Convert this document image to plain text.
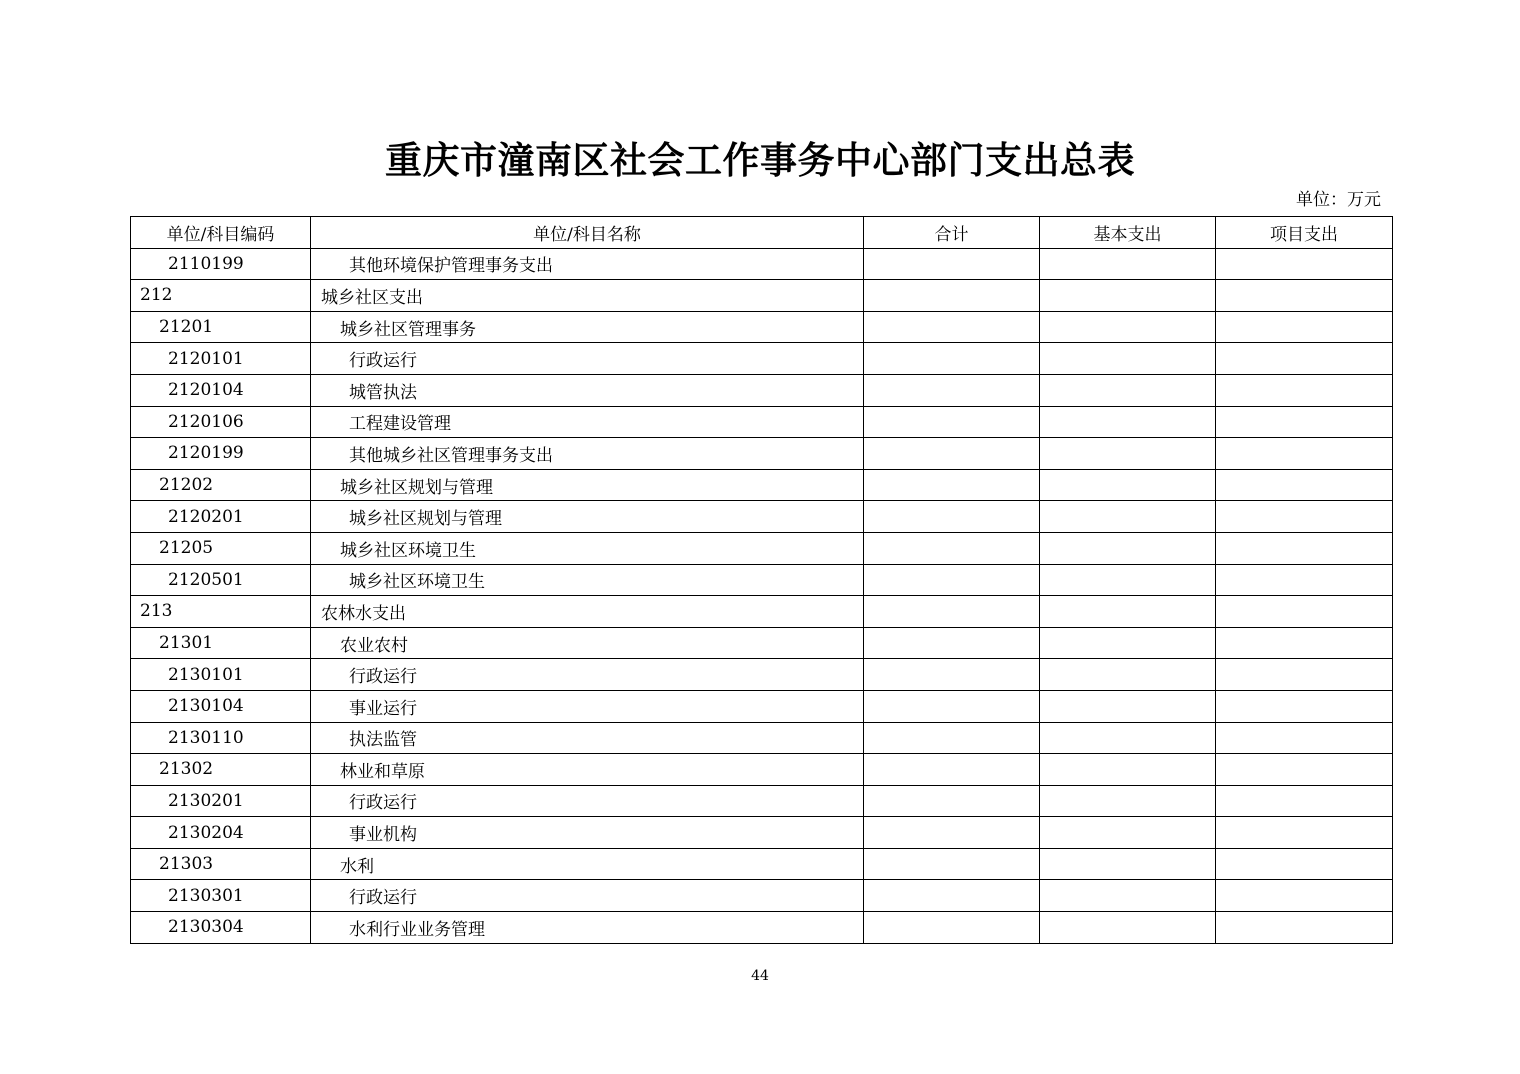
重庆市潼南区社会工作事务中心部门支出总表
单位：万元
单位/科目编码	单位/科目名称	合计	基本支出	项目支出
2110199	其他环境保护管理事务支出			
212	城乡社区支出			
21201	城乡社区管理事务			
2120101	行政运行			
2120104	城管执法			
2120106	工程建设管理			
2120199	其他城乡社区管理事务支出			
21202	城乡社区规划与管理			
2120201	城乡社区规划与管理			
21205	城乡社区环境卫生			
2120501	城乡社区环境卫生			
213	农林水支出			
21301	农业农村			
2130101	行政运行			
2130104	事业运行			
2130110	执法监管			
21302	林业和草原			
2130201	行政运行			
2130204	事业机构			
21303	水利			
2130301	行政运行			
2130304	水利行业业务管理			
44
